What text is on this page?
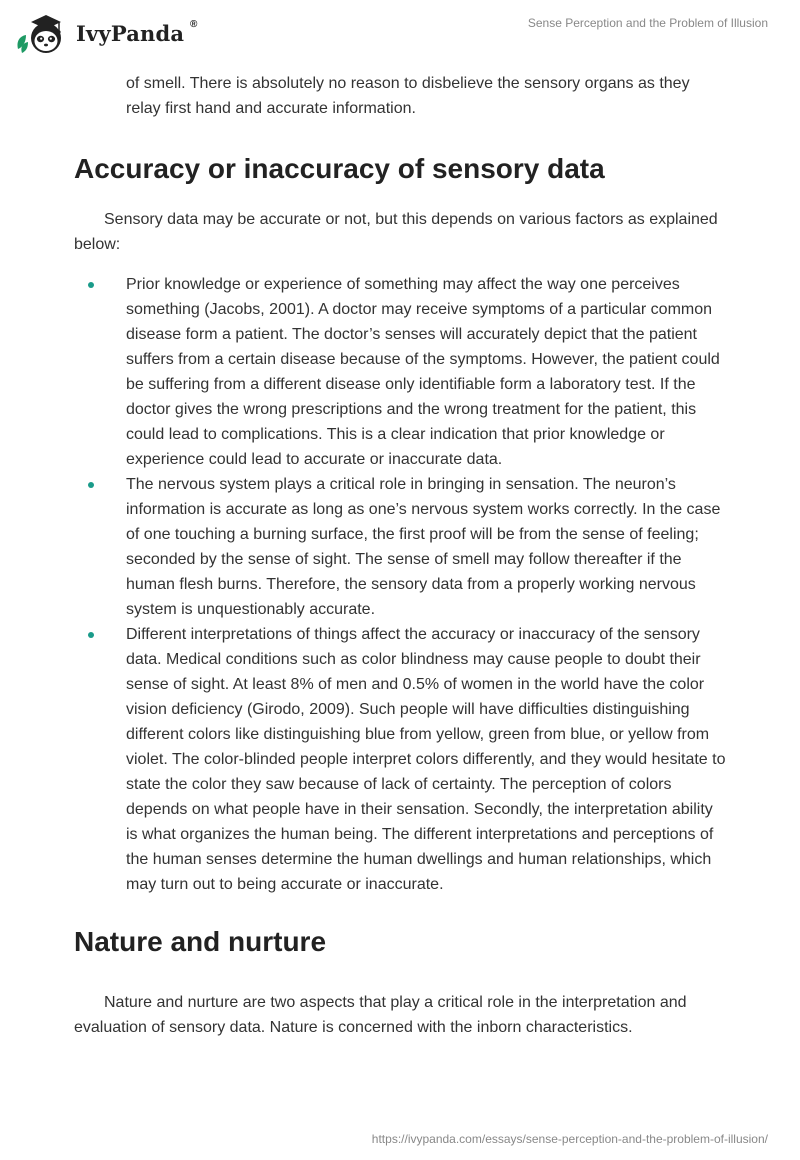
IvyPanda ®	Sense Perception and the Problem of Illusion

of smell. There is absolutely no reason to disbelieve the sensory organs as they relay first hand and accurate information.

Accuracy or inaccuracy of sensory data

Sensory data may be accurate or not, but this depends on various factors as explained below:

Prior knowledge or experience of something may affect the way one perceives something (Jacobs, 2001). A doctor may receive symptoms of a particular common disease form a patient. The doctor’s senses will accurately depict that the patient suffers from a certain disease because of the symptoms. However, the patient could be suffering from a different disease only identifiable form a laboratory test. If the doctor gives the wrong prescriptions and the wrong treatment for the patient, this could lead to complications. This is a clear indication that prior knowledge or experience could lead to accurate or inaccurate data.
The nervous system plays a critical role in bringing in sensation. The neuron’s information is accurate as long as one’s nervous system works correctly. In the case of one touching a burning surface, the first proof will be from the sense of feeling; seconded by the sense of sight. The sense of smell may follow thereafter if the human flesh burns. Therefore, the sensory data from a properly working nervous system is unquestionably accurate.
Different interpretations of things affect the accuracy or inaccuracy of the sensory data. Medical conditions such as color blindness may cause people to doubt their sense of sight. At least 8% of men and 0.5% of women in the world have the color vision deficiency (Girodo, 2009). Such people will have difficulties distinguishing different colors like distinguishing blue from yellow, green from blue, or yellow from violet. The color-blinded people interpret colors differently, and they would hesitate to state the color they saw because of lack of certainty. The perception of colors depends on what people have in their sensation. Secondly, the interpretation ability is what organizes the human being. The different interpretations and perceptions of the human senses determine the human dwellings and human relationships, which may turn out to being accurate or inaccurate.
Nature and nurture

Nature and nurture are two aspects that play a critical role in the interpretation and evaluation of sensory data. Nature is concerned with the inborn characteristics.

https://ivypanda.com/essays/sense-perception-and-the-problem-of-illusion/
